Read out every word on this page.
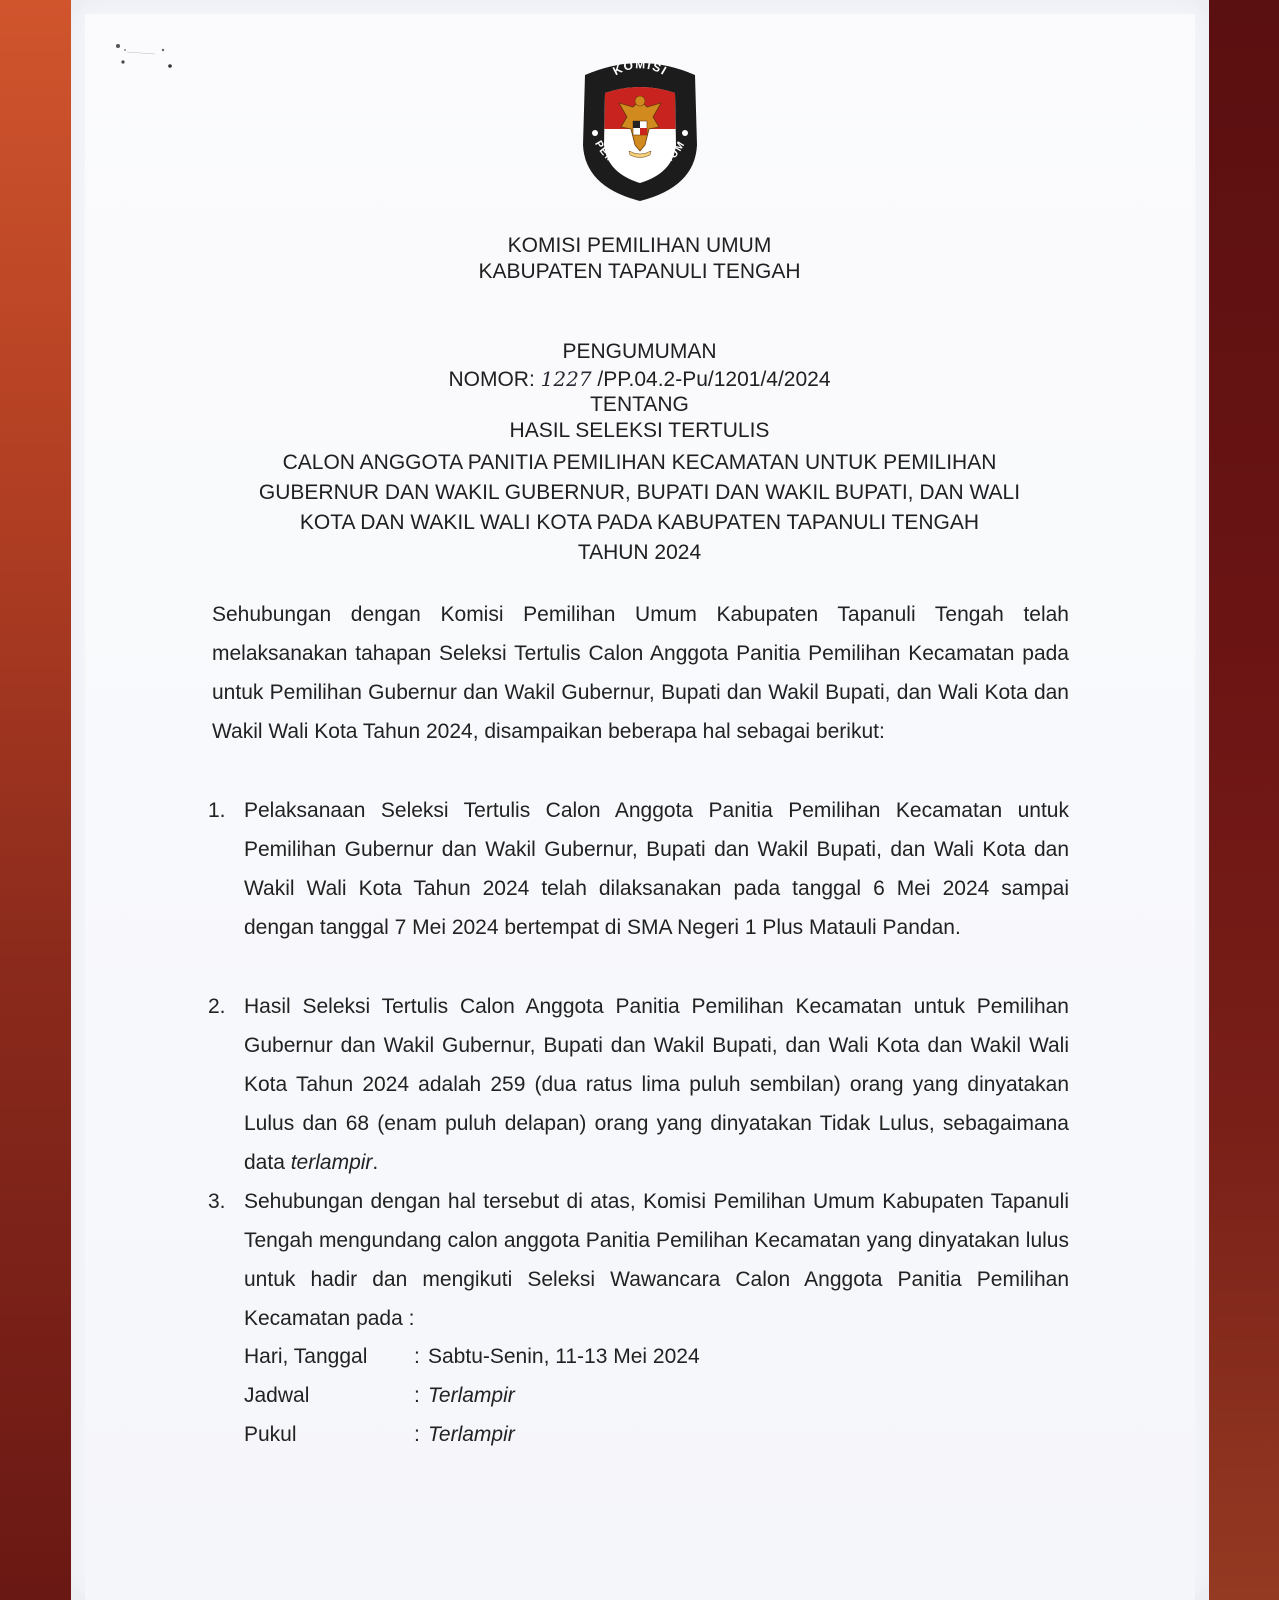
KOMISI
PEMILIHAN UMUM
KOMISI PEMILIHAN UMUM
KABUPATEN TAPANULI TENGAH
PENGUMUMAN
NOMOR: 1227 /PP.04.2-Pu/1201/4/2024
TENTANG
HASIL SELEKSI TERTULIS
CALON ANGGOTA PANITIA PEMILIHAN KECAMATAN UNTUK PEMILIHAN
GUBERNUR DAN WAKIL GUBERNUR, BUPATI DAN WAKIL BUPATI, DAN WALI
KOTA DAN WAKIL WALI KOTA PADA KABUPATEN TAPANULI TENGAH
TAHUN 2024
Sehubungan dengan Komisi Pemilihan Umum Kabupaten Tapanuli Tengah telah melaksanakan tahapan Seleksi Tertulis Calon Anggota Panitia Pemilihan Kecamatan pada untuk Pemilihan Gubernur dan Wakil Gubernur, Bupati dan Wakil Bupati, dan Wali Kota dan Wakil Wali Kota Tahun 2024, disampaikan beberapa hal sebagai berikut:
1. Pelaksanaan Seleksi Tertulis Calon Anggota Panitia Pemilihan Kecamatan untuk Pemilihan Gubernur dan Wakil Gubernur, Bupati dan Wakil Bupati, dan Wali Kota dan Wakil Wali Kota Tahun 2024 telah dilaksanakan pada tanggal 6 Mei 2024 sampai dengan tanggal 7 Mei 2024 bertempat di SMA Negeri 1 Plus Matauli Pandan.
2. Hasil Seleksi Tertulis Calon Anggota Panitia Pemilihan Kecamatan untuk Pemilihan Gubernur dan Wakil Gubernur, Bupati dan Wakil Bupati, dan Wali Kota dan Wakil Wali Kota Tahun 2024 adalah 259 (dua ratus lima puluh sembilan) orang yang dinyatakan Lulus dan 68 (enam puluh delapan) orang yang dinyatakan Tidak Lulus, sebagaimana data terlampir.
3. Sehubungan dengan hal tersebut di atas, Komisi Pemilihan Umum Kabupaten Tapanuli Tengah mengundang calon anggota Panitia Pemilihan Kecamatan yang dinyatakan lulus untuk hadir dan mengikuti Seleksi Wawancara Calon Anggota Panitia Pemilihan Kecamatan pada :
Hari, Tanggal : Sabtu-Senin, 11-13 Mei 2024
Jadwal	: Terlampir
Pukul	: Terlampir
